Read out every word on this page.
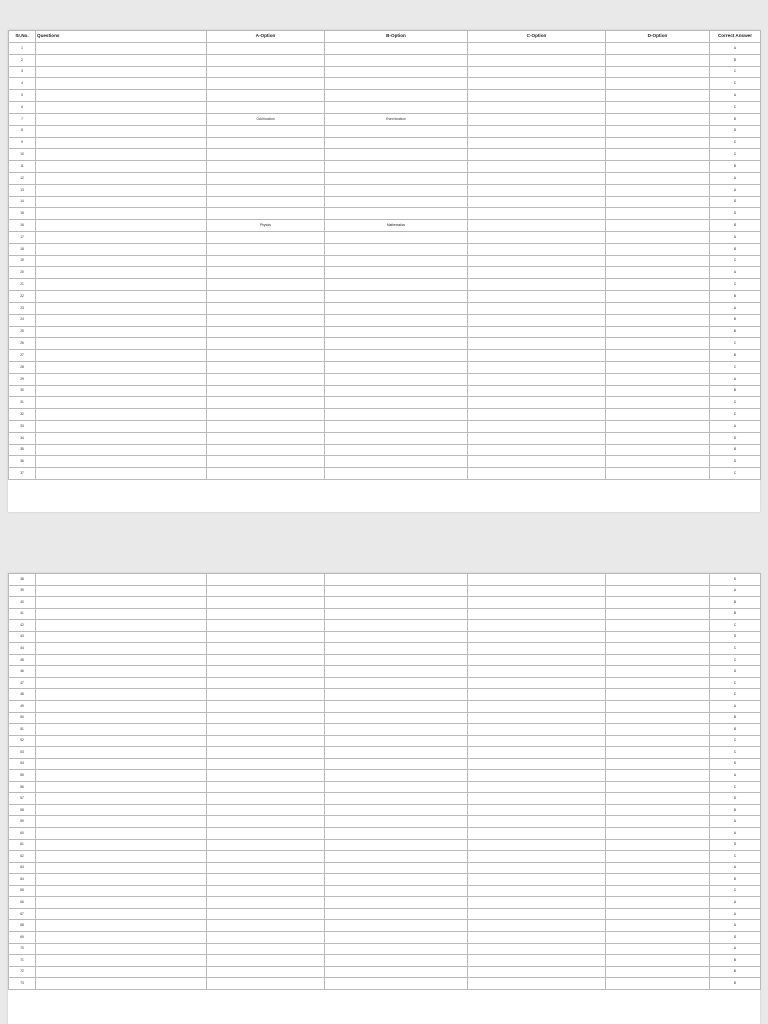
Sr.No.	Questions	A-Option	B-Option	C-Option	D-Option	Correct Answer
1						A
2						B
3						C
4						C
5						A
6						C
7		Odd function	Even function			B
8						D
9						C
10						C
11						B
12						A
13						A
14						D
15						D
16		Physics	Mathematics			B
17						A
18						B
19						C
20						A
21						C
22						B
23						A
24						B
25						B
26						C
27						B
28						C
29						A
30						B
31						C
32						C
33						A
34						D
35						B
36						D
37						C
38						D
39						A
40						B
41						B
42						C
43						D
44						C
45						C
46						D
47						C
48						C
49						A
50						B
51						B
52						C
53						C
54						D
55						A
56						C
57						D
58						B
59						A
60						A
61						D
62						C
63						A
64						B
65						C
66						A
67						A
68						A
69						D
70						A
71						B
72						B
73						B
